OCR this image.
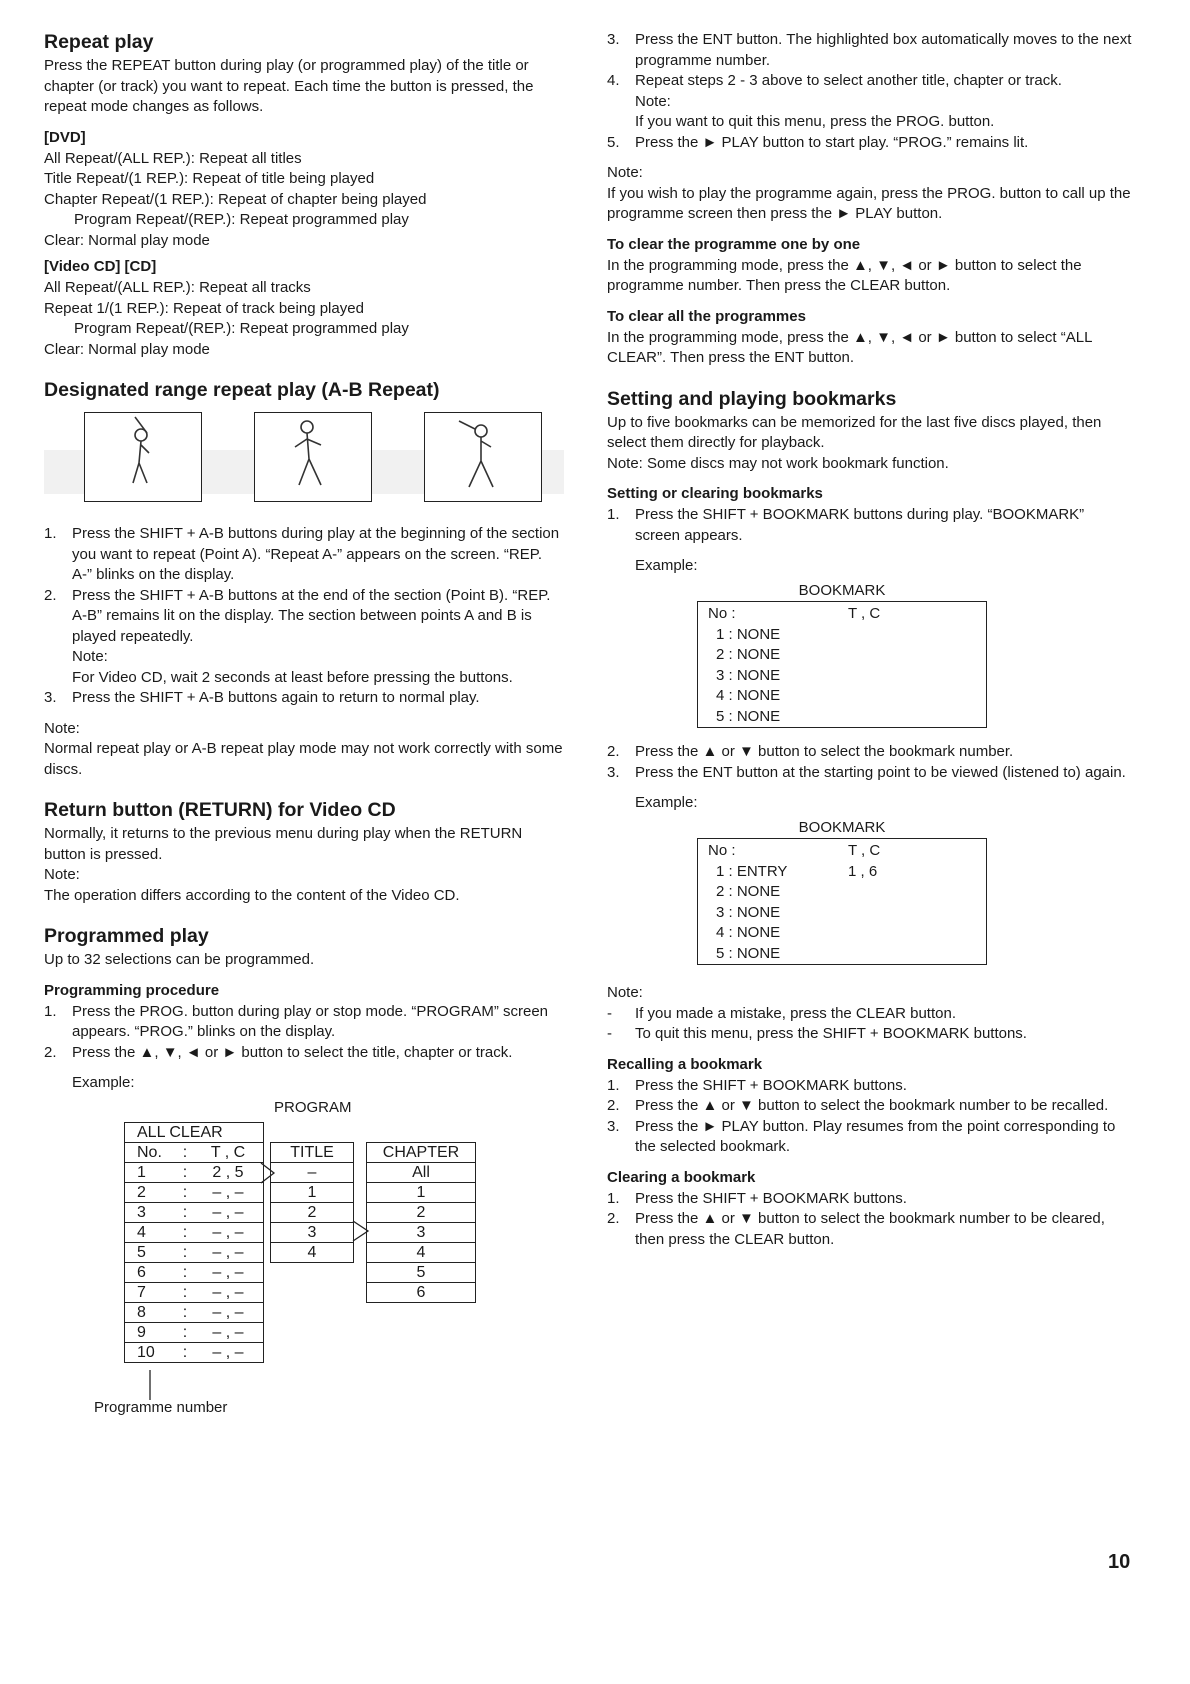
Repeat play

Press the REPEAT button during play (or programmed play) of the title or chapter (or track) you want to repeat. Each time the button is pressed, the repeat mode changes as follows.

[DVD]
All Repeat/(ALL REP.): Repeat all titles
Title Repeat/(1 REP.): Repeat of title being played
Chapter Repeat/(1 REP.): Repeat of chapter being played
Program Repeat/(REP.): Repeat programmed play
Clear: Normal play mode
[Video CD] [CD]
All Repeat/(ALL REP.): Repeat all tracks
Repeat 1/(1 REP.): Repeat of track being played
Program Repeat/(REP.): Repeat programmed play
Clear: Normal play mode
Designated range repeat play (A-B Repeat)
1. Press the SHIFT + A-B buttons during play at the beginning of the section you want to repeat (Point A). “Repeat A-” appears on the screen. “REP. A-” blinks on the display.
2. Press the SHIFT + A-B buttons at the end of the section (Point B). “REP. A-B” remains lit on the display. The section between points A and B is played repeatedly.
Note:
For Video CD, wait 2 seconds at least before pressing the buttons.
3. Press the SHIFT + A-B buttons again to return to normal play.
Note:

Normal repeat play or A-B repeat play mode may not work correctly with some discs.

Return button (RETURN) for Video CD

Normally, it returns to the previous menu during play when the RETURN button is pressed.

Note:

The operation differs according to the content of the Video CD.

Programmed play

Up to 32 selections can be programmed.

Programming procedure
1. Press the PROG. button during play or stop mode. “PROGRAM” screen appears. “PROG.” blinks on the display.
2. Press the ▲, ▼, ◄ or ► button to select the title, chapter or track.
Example:
PROGRAM
ALL CLEAR		
No.	:	T , C
1	:	2 , 5
2	:	– , –
3	:	– , –
4	:	– , –
5	:	– , –
6	:	– , –
7	:	– , –
8	:	– , –
9	:	– , –
10	:	– , –
TITLE
–
1
2
3
4
CHAPTER
All
1
2
3
4
5
6
Programme number
3. Press the ENT button. The highlighted box automatically moves to the next programme number.
4. Repeat steps 2 - 3 above to select another title, chapter or track.
Note:
If you want to quit this menu, press the PROG. button.
5. Press the ► PLAY button to start play. “PROG.” remains lit.
Note:

If you wish to play the programme again, press the PROG. button to call up the programme screen then press the ► PLAY button.

To clear the programme one by one

In the programming mode, press the ▲, ▼, ◄ or ► button to select the programme number. Then press the CLEAR button.

To clear all the programmes

In the programming mode, press the ▲, ▼, ◄ or ► button to select “ALL CLEAR”. Then press the ENT button.

Setting and playing bookmarks

Up to five bookmarks can be memorized for the last five discs played, then select them directly for playback.

Note: Some discs may not work bookmark function.

Setting or clearing bookmarks
1. Press the SHIFT + BOOKMARK buttons during play. “BOOKMARK” screen appears.
Example:
BOOKMARK
No :	T , C
1 : NONE
2 : NONE
3 : NONE
4 : NONE
5 : NONE
2. Press the ▲ or ▼ button to select the bookmark number.
3. Press the ENT button at the starting point to be viewed (listened to) again.
Example:
BOOKMARK
No :	T , C
1 : ENTRY	1 , 6
2 : NONE
3 : NONE
4 : NONE
5 : NONE
Note:
- If you made a mistake, press the CLEAR button.
- To quit this menu, press the SHIFT + BOOKMARK buttons.
Recalling a bookmark
1. Press the SHIFT + BOOKMARK buttons.
2. Press the ▲ or ▼ button to select the bookmark number to be recalled.
3. Press the ► PLAY button. Play resumes from the point corresponding to the selected bookmark.
Clearing a bookmark
1. Press the SHIFT + BOOKMARK buttons.
2. Press the ▲ or ▼ button to select the bookmark number to be cleared, then press the CLEAR button.
10
